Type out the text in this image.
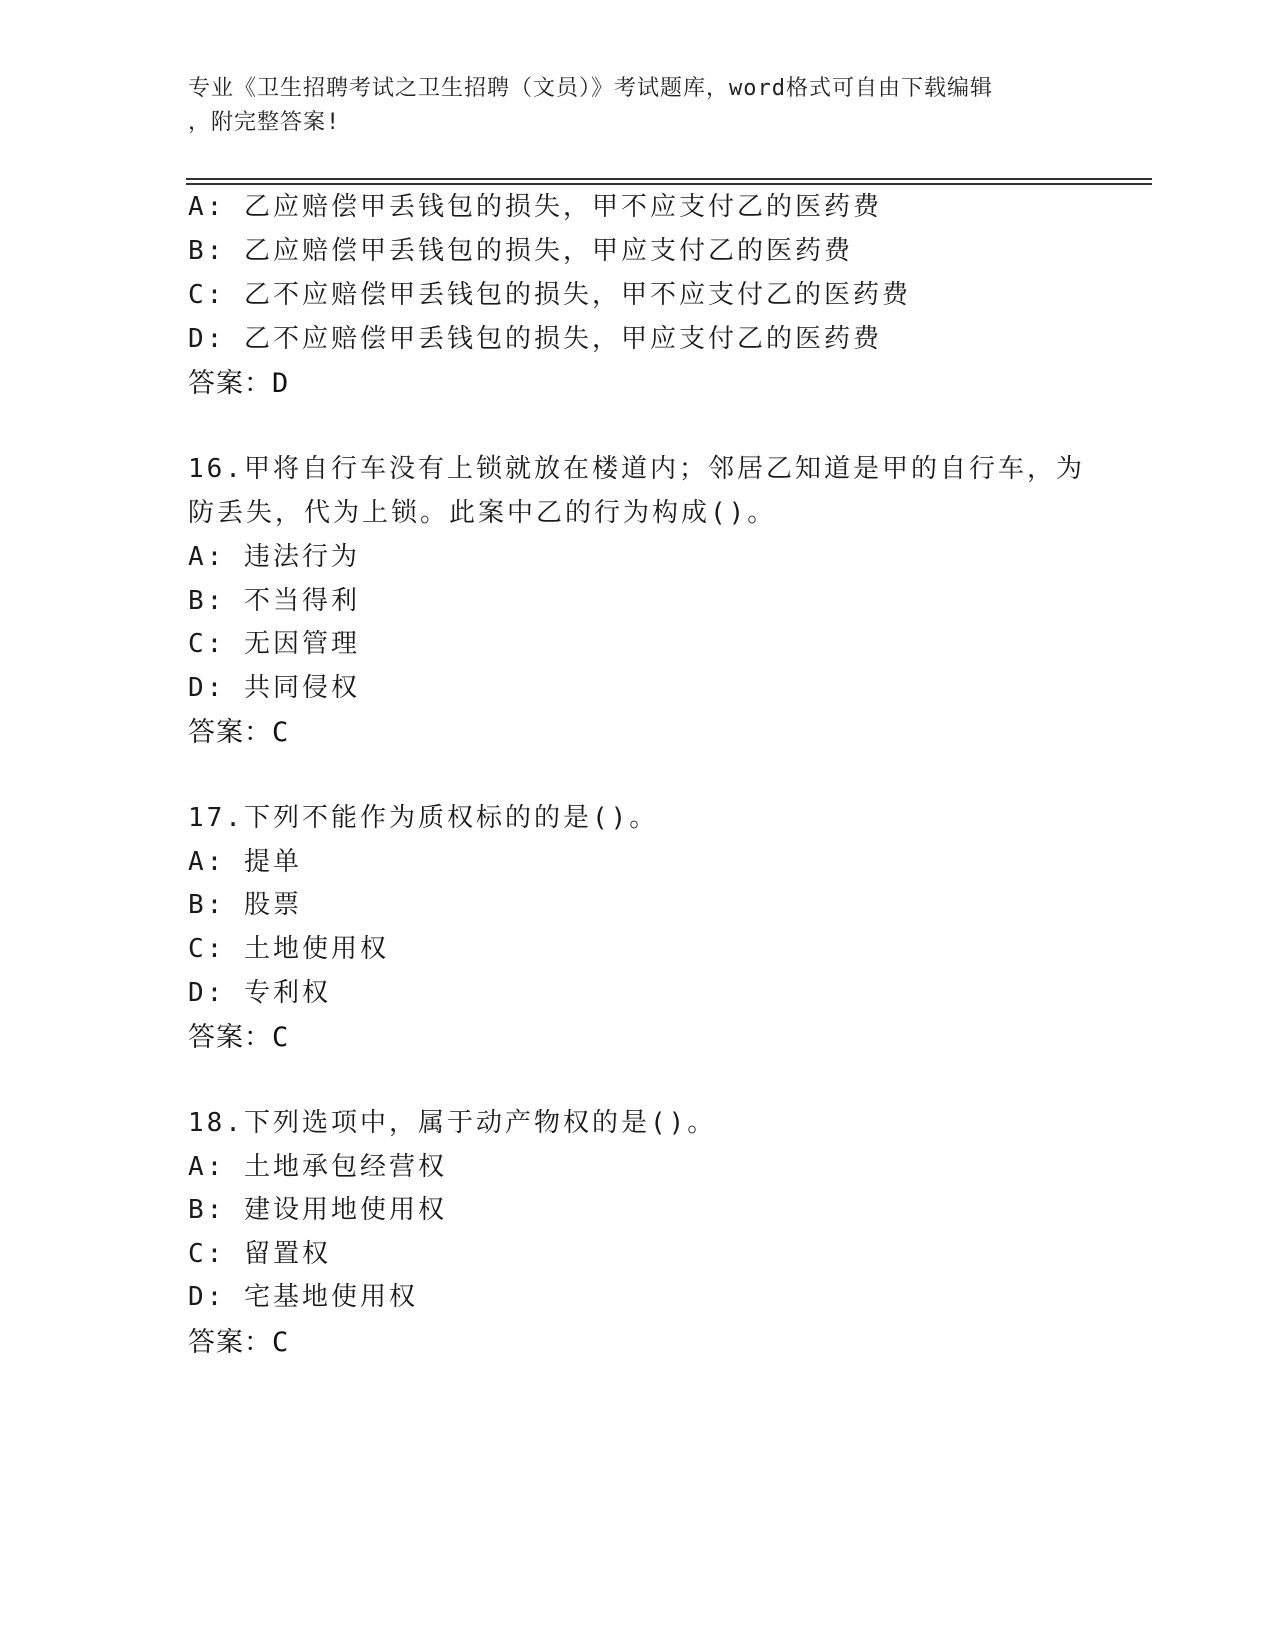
专业《卫生招聘考试之卫生招聘（文员）》考试题库，word格式可自由下载编辑
，附完整答案!
A: 乙应赔偿甲丢钱包的损失，甲不应支付乙的医药费
B: 乙应赔偿甲丢钱包的损失，甲应支付乙的医药费
C: 乙不应赔偿甲丢钱包的损失，甲不应支付乙的医药费
D: 乙不应赔偿甲丢钱包的损失，甲应支付乙的医药费
答案：D
16.甲将自行车没有上锁就放在楼道内；邻居乙知道是甲的自行车，为
防丢失，代为上锁。此案中乙的行为构成()。
A: 违法行为
B: 不当得利
C: 无因管理
D: 共同侵权
答案：C
17.下列不能作为质权标的的是()。
A: 提单
B: 股票
C: 土地使用权
D: 专利权
答案：C
18.下列选项中，属于动产物权的是()。
A: 土地承包经营权
B: 建设用地使用权
C: 留置权
D: 宅基地使用权
答案：C
